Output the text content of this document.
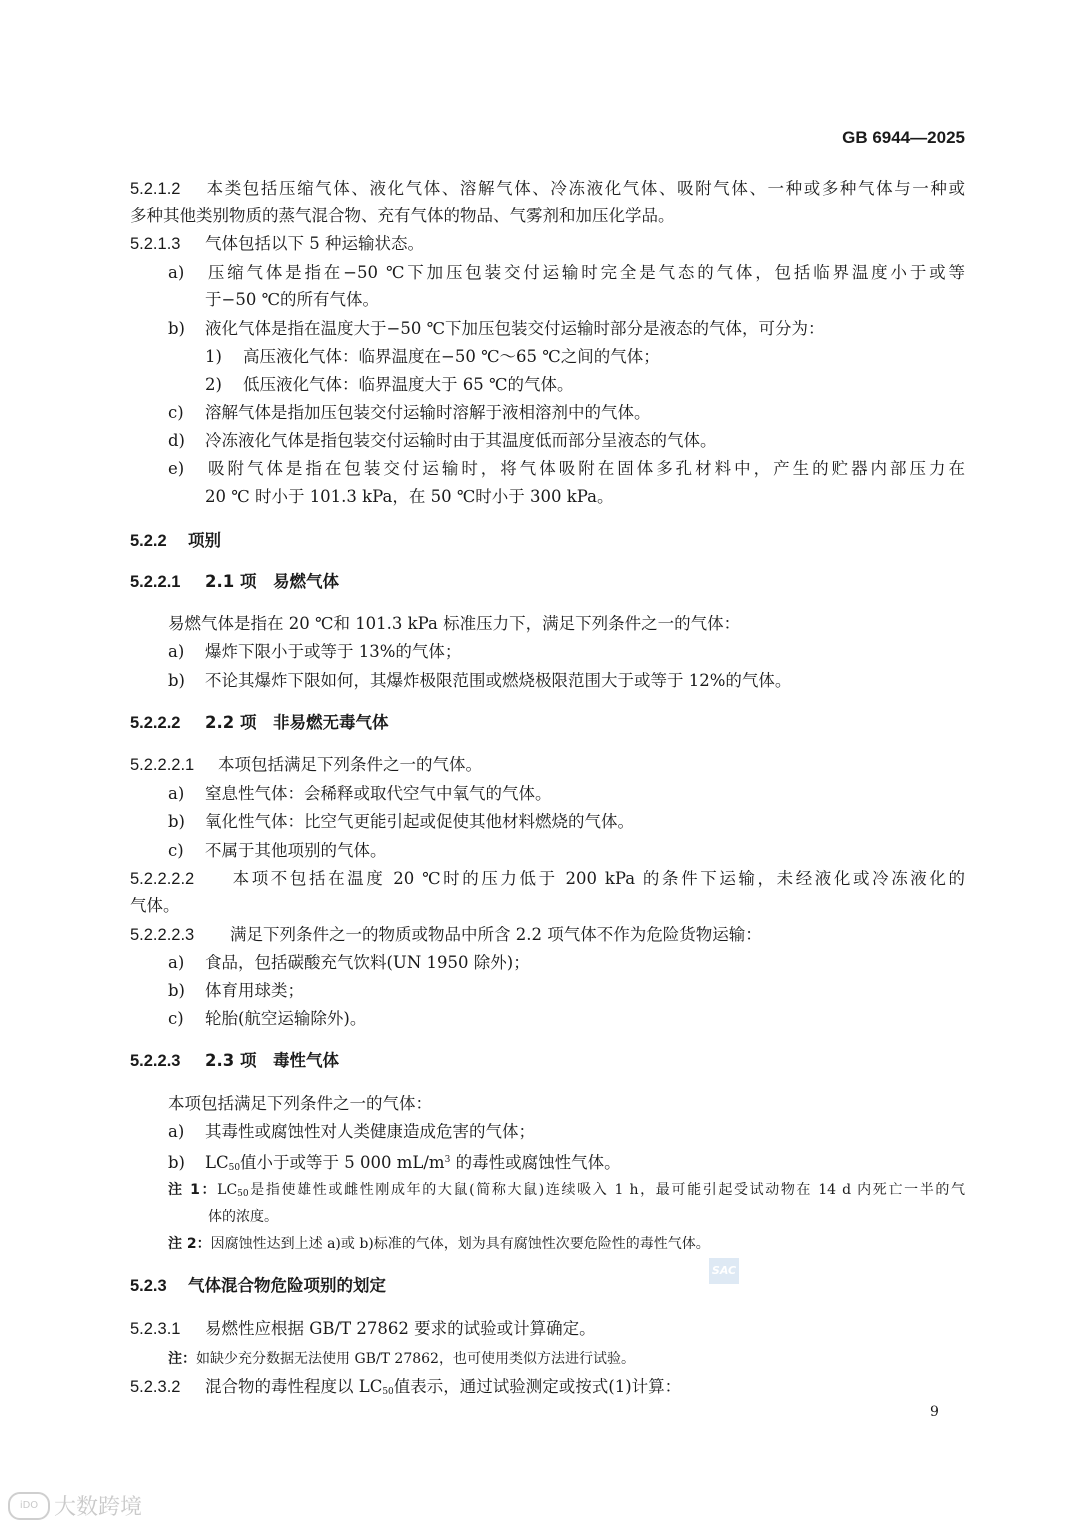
GB 6944—2025
5.2.1.2 本类包括压缩气体、液化气体、溶解气体、冷冻液化气体、吸附气体、一种或多种气体与一种或
多种其他类别物质的蒸气混合物、充有气体的物品、气雾剂和加压化学品。
5.2.1.3 气体包括以下 5 种运输状态。
a) 压缩气体是指在−50 ℃下加压包装交付运输时完全是气态的气体，包括临界温度小于或等
于−50 ℃的所有气体。
b) 液化气体是指在温度大于−50 ℃下加压包装交付运输时部分是液态的气体，可分为：
1) 高压液化气体：临界温度在−50 ℃～65 ℃之间的气体；
2) 低压液化气体：临界温度大于 65 ℃的气体。
c) 溶解气体是指加压包装交付运输时溶解于液相溶剂中的气体。
d) 冷冻液化气体是指包装交付运输时由于其温度低而部分呈液态的气体。
e) 吸附气体是指在包装交付运输时，将气体吸附在固体多孔材料中，产生的贮器内部压力在
20 ℃ 时小于 101.3 kPa，在 50 ℃时小于 300 kPa。
5.2.2 项别
5.2.2.1 2.1 项 易燃气体
易燃气体是指在 20 ℃和 101.3 kPa 标准压力下，满足下列条件之一的气体：
a) 爆炸下限小于或等于 13%的气体；
b) 不论其爆炸下限如何，其爆炸极限范围或燃烧极限范围大于或等于 12%的气体。
5.2.2.2 2.2 项 非易燃无毒气体
5.2.2.2.1 本项包括满足下列条件之一的气体。
a) 窒息性气体：会稀释或取代空气中氧气的气体。
b) 氧化性气体：比空气更能引起或促使其他材料燃烧的气体。
c) 不属于其他项别的气体。
5.2.2.2.2 本项不包括在温度 20 ℃时的压力低于 200 kPa 的条件下运输，未经液化或冷冻液化的
气体。
5.2.2.2.3 满足下列条件之一的物质或物品中所含 2.2 项气体不作为危险货物运输：
a) 食品，包括碳酸充气饮料(UN 1950 除外)；
b) 体育用球类；
c) 轮胎(航空运输除外)。
5.2.2.3 2.3 项 毒性气体
本项包括满足下列条件之一的气体：
a) 其毒性或腐蚀性对人类健康造成危害的气体；
b) $LC_{50}$值小于或等于 5 000 $mL/m^3$ 的毒性或腐蚀性气体。
注 1：$LC_{50}$是指使雄性或雌性刚成年的大鼠(简称大鼠)连续吸入 1 h，最可能引起受试动物在 14 d 内死亡一半的气
体的浓度。
注 2：因腐蚀性达到上述 a)或 b)标准的气体，划为具有腐蚀性次要危险性的毒性气体。
SAC
5.2.3 气体混合物危险项别的划定
5.2.3.1 易燃性应根据 GB/T 27862 要求的试验或计算确定。
注：如缺少充分数据无法使用 GB/T 27862，也可使用类似方法进行试验。
5.2.3.2 混合物的毒性程度以 $LC_{50}$值表示，通过试验测定或按式(1)计算：
9
iDO 大数跨境
